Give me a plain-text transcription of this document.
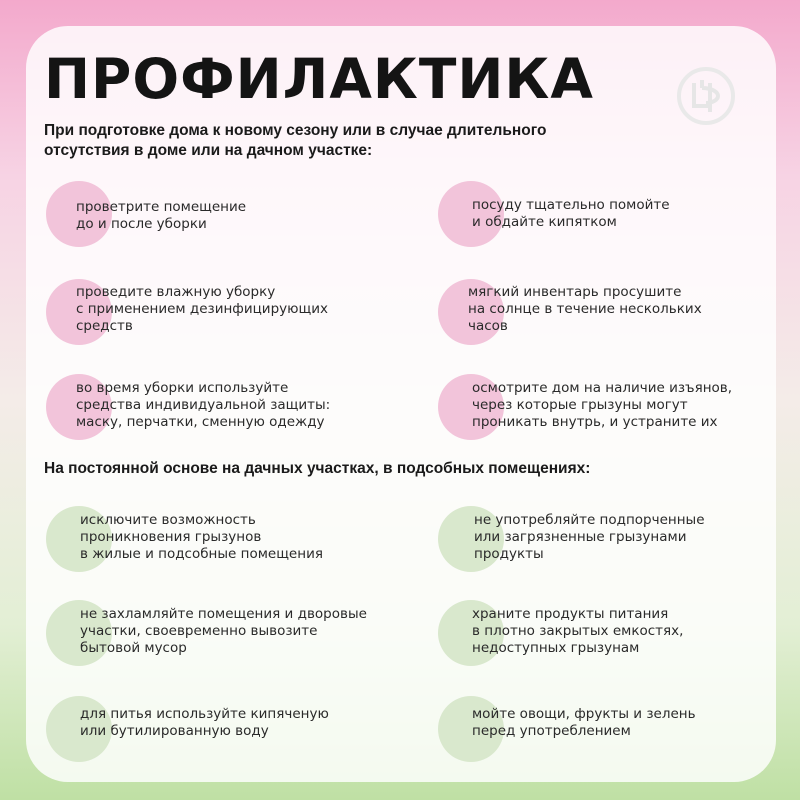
ПРОФИЛАКТИКА
При подготовке дома к новому сезону или в случае длительного
отсутствия в доме или на дачном участке:
проветрите помещение
до и после уборки
посуду тщательно помойте
и обдайте кипятком
проведите влажную уборку
с применением дезинфицирующих
средств
мягкий инвентарь просушите
на солнце в течение нескольких
часов
во время уборки используйте
средства индивидуальной защиты:
маску, перчатки, сменную одежду
осмотрите дом на наличие изъянов,
через которые грызуны могут
проникать внутрь, и устраните их
На постоянной основе на дачных участках, в подсобных помещениях:
исключите возможность
проникновения грызунов
в жилые и подсобные помещения
не употребляйте подпорченные
или загрязненные грызунами
продукты
не захламляйте помещения и дворовые
участки, своевременно вывозите
бытовой мусор
храните продукты питания
в плотно закрытых емкостях,
недоступных грызунам
для питья используйте кипяченую
или бутилированную воду
мойте овощи, фрукты и зелень
перед употреблением
